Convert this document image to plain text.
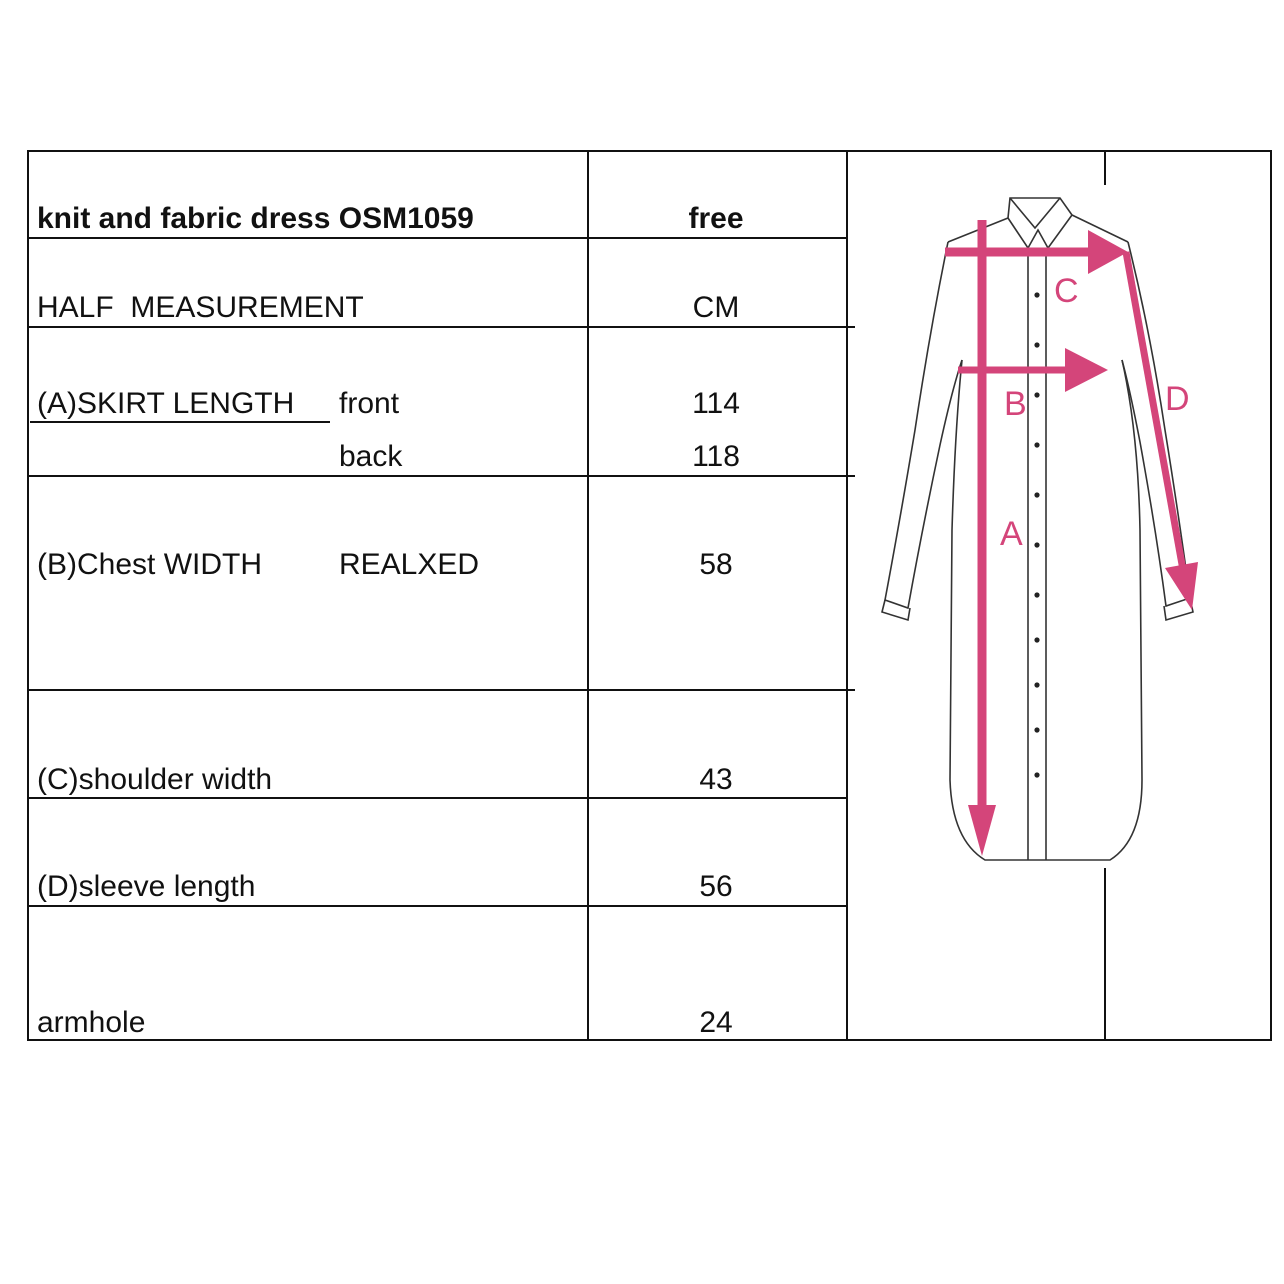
knit and fabric dress OSM1059	free
HALF  MEASUREMENT	CM
(A)SKIRT LENGTH front	114
back	118
(B)Chest WIDTH	REALXED	58
(C)shoulder width	43
(D)sleeve length	56
armhole	24
C
B	D
A
